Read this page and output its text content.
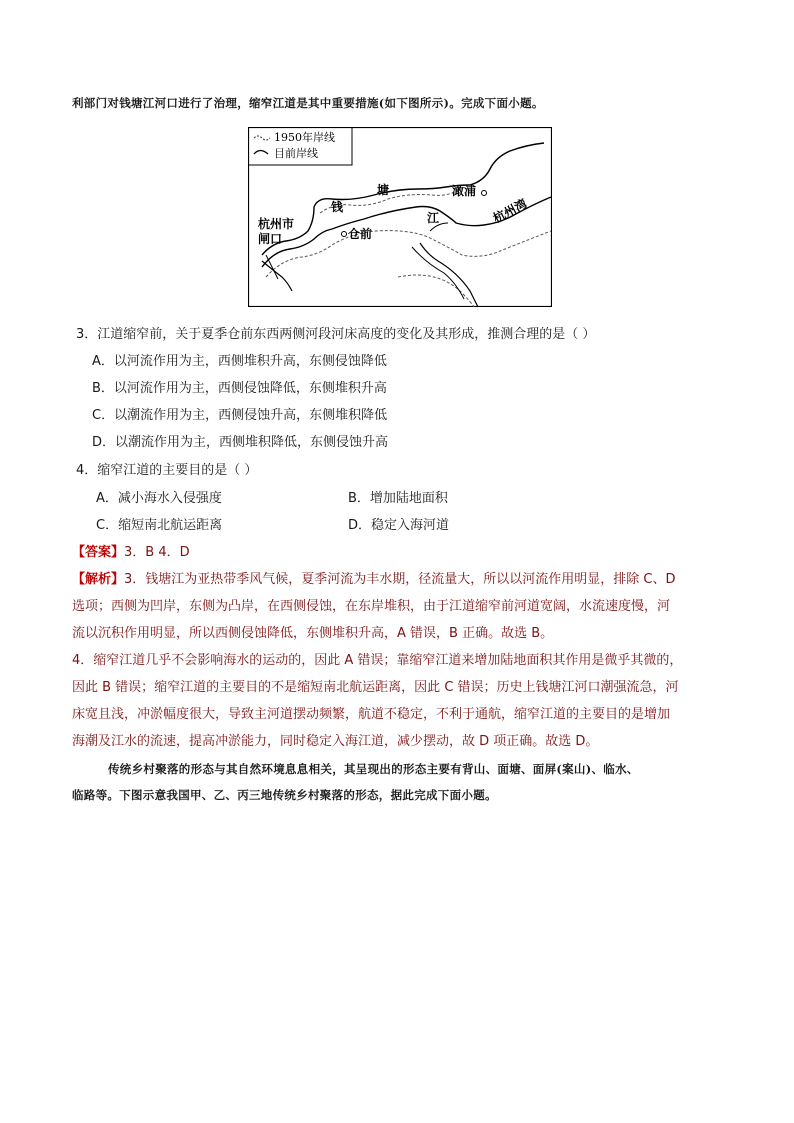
利部门对钱塘江河口进行了治理，缩窄江道是其中重要措施(如下图所示)。完成下面小题。
1950年岸线
目前岸线
杭州市
闸口	仓前
澉浦
钱
塘
江	杭州湾
3．江道缩窄前，关于夏季仓前东西两侧河段河床高度的变化及其形成，推测合理的是（ ）
A．以河流作用为主，西侧堆积升高，东侧侵蚀降低
B．以河流作用为主，西侧侵蚀降低，东侧堆积升高
C．以潮流作用为主，西侧侵蚀升高，东侧堆积降低
D．以潮流作用为主，西侧堆积降低，东侧侵蚀升高
4．缩窄江道的主要目的是（ ）
A．减小海水入侵强度	B．增加陆地面积
C．缩短南北航运距离	D．稳定入海河道
【答案】3．B 4．D
【解析】3．钱塘江为亚热带季风气候，夏季河流为丰水期，径流量大，所以以河流作用明显，排除 C、D
选项；西侧为凹岸，东侧为凸岸，在西侧侵蚀，在东岸堆积，由于江道缩窄前河道宽阔，水流速度慢，河
流以沉积作用明显，所以西侧侵蚀降低，东侧堆积升高，A 错误，B 正确。故选 B。
4．缩窄江道几乎不会影响海水的运动的，因此 A 错误；靠缩窄江道来增加陆地面积其作用是微乎其微的，
因此 B 错误；缩窄江道的主要目的不是缩短南北航运距离，因此 C 错误；历史上钱塘江河口潮强流急，河
床宽且浅，冲淤幅度很大，导致主河道摆动频繁，航道不稳定，不利于通航，缩窄江道的主要目的是增加
海潮及江水的流速，提高冲淤能力，同时稳定入海江道，减少摆动，故 D 项正确。故选 D。
传统乡村聚落的形态与其自然环境息息相关，其呈现出的形态主要有背山、面塘、面屏(案山)、临水、
临路等。下图示意我国甲、乙、丙三地传统乡村聚落的形态，据此完成下面小题。
